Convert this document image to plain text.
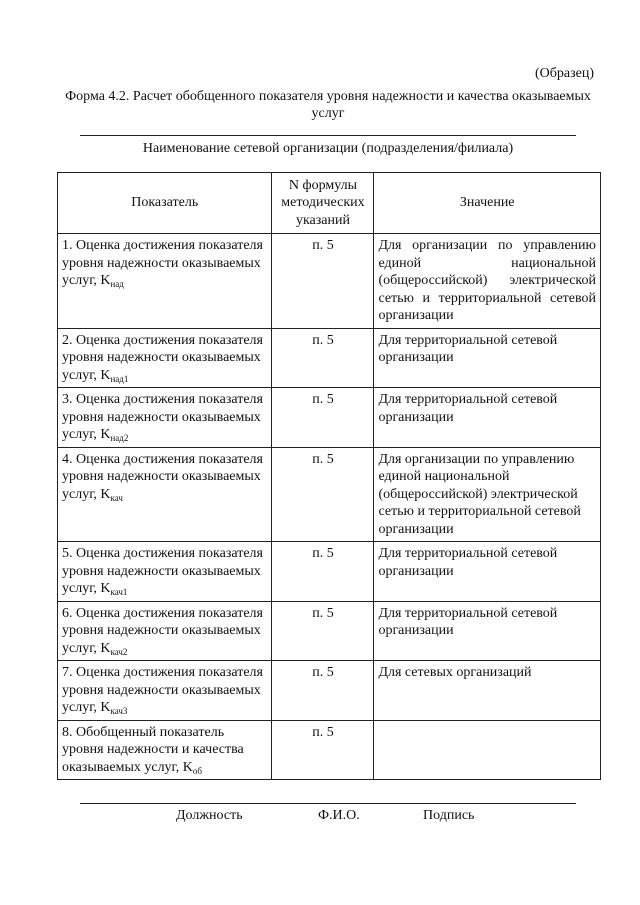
(Образец)
Форма 4.2. Расчет обобщенного показателя уровня надежности и качества оказываемых услуг
Наименование сетевой организации (подразделения/филиала)
Показатель	N формулы методических указаний	Значение
1. Оценка достижения показателя уровня надежности оказываемых услуг, $K_{над}$	п. 5	Для организации по управлению единой национальной (общероссийской) электрической сетью и территориальной сетевой организации
2. Оценка достижения показателя уровня надежности оказываемых услуг, $K_{над1}$	п. 5	Для территориальной сетевой организации
3. Оценка достижения показателя уровня надежности оказываемых услуг, $K_{над2}$	п. 5	Для территориальной сетевой организации
4. Оценка достижения показателя уровня надежности оказываемых услуг, $K_{кач}$	п. 5	Для организации по управлению единой национальной (общероссийской) электрической сетью и территориальной сетевой организации
5. Оценка достижения показателя уровня надежности оказываемых услуг, $K_{кач1}$	п. 5	Для территориальной сетевой организации
6. Оценка достижения показателя уровня надежности оказываемых услуг, $K_{кач2}$	п. 5	Для территориальной сетевой организации
7. Оценка достижения показателя уровня надежности оказываемых услуг, $K_{кач3}$	п. 5	Для сетевых организаций
8. Обобщенный показатель уровня надежности и качества оказываемых услуг, $K_{об}$	п. 5	
Должность	Ф.И.О.	Подпись
